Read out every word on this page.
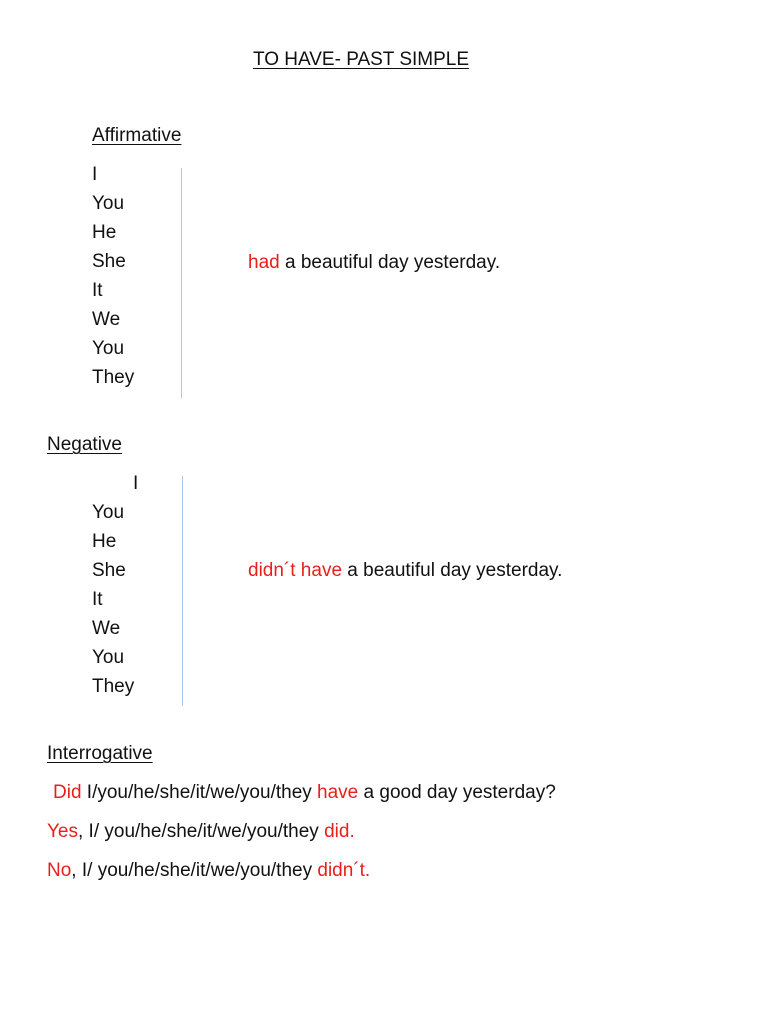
TO HAVE- PAST SIMPLE
Affirmative
I
You
He
She
It
We
You
They
had a beautiful day yesterday.
Negative
I
You
He
She
It
We
You
They
didn´t have a beautiful day yesterday.
Interrogative
Did I/you/he/she/it/we/you/they have a good day yesterday?
Yes, I/ you/he/she/it/we/you/they did.
No, I/ you/he/she/it/we/you/they didn´t.
